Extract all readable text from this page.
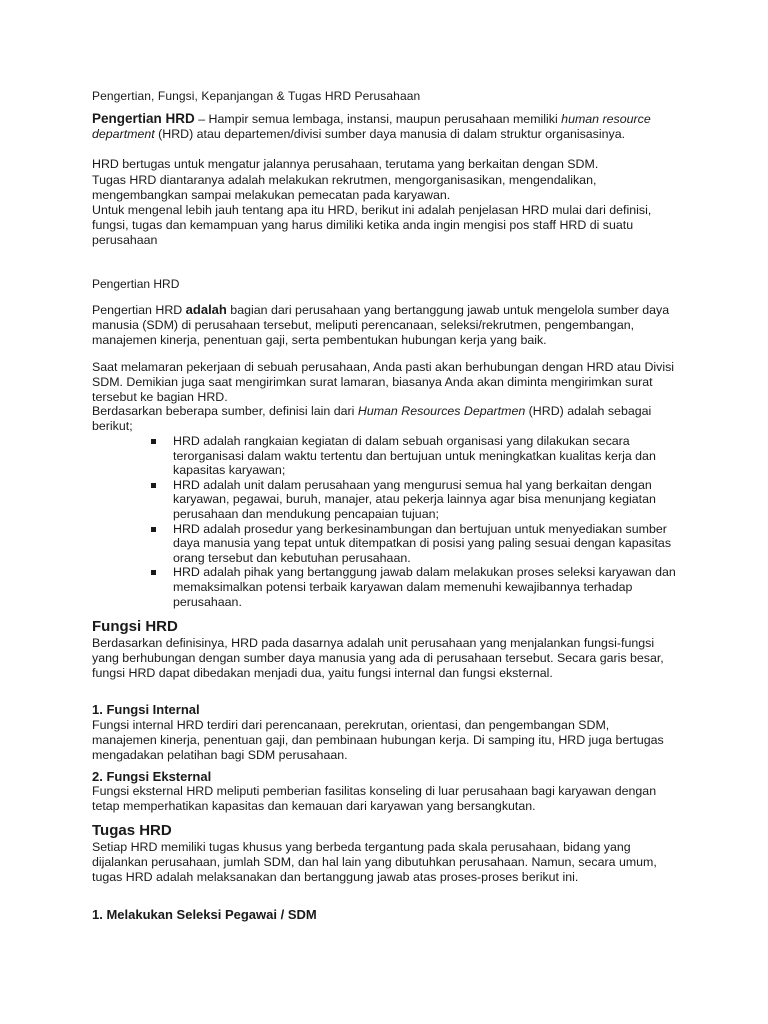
Pengertian, Fungsi, Kepanjangan & Tugas HRD Perusahaan
Pengertian HRD – Hampir semua lembaga, instansi, maupun perusahaan memiliki human resource department (HRD) atau departemen/divisi sumber daya manusia di dalam struktur organisasinya.
HRD bertugas untuk mengatur jalannya perusahaan, terutama yang berkaitan dengan SDM.
Tugas HRD diantaranya adalah melakukan rekrutmen, mengorganisasikan, mengendalikan, mengembangkan sampai melakukan pemecatan pada karyawan.
Untuk mengenal lebih jauh tentang apa itu HRD, berikut ini adalah penjelasan HRD mulai dari definisi, fungsi, tugas dan kemampuan yang harus dimiliki ketika anda ingin mengisi pos staff HRD di suatu perusahaan
Pengertian HRD
Pengertian HRD adalah bagian dari perusahaan yang bertanggung jawab untuk mengelola sumber daya manusia (SDM) di perusahaan tersebut, meliputi perencanaan, seleksi/rekrutmen, pengembangan, manajemen kinerja, penentuan gaji, serta pembentukan hubungan kerja yang baik.
Saat melamaran pekerjaan di sebuah perusahaan, Anda pasti akan berhubungan dengan HRD atau Divisi SDM. Demikian juga saat mengirimkan surat lamaran, biasanya Anda akan diminta mengirimkan surat tersebut ke bagian HRD.
Berdasarkan beberapa sumber, definisi lain dari Human Resources Departmen (HRD) adalah sebagai berikut;
HRD adalah rangkaian kegiatan di dalam sebuah organisasi yang dilakukan secara terorganisasi dalam waktu tertentu dan bertujuan untuk meningkatkan kualitas kerja dan kapasitas karyawan;
HRD adalah unit dalam perusahaan yang mengurusi semua hal yang berkaitan dengan karyawan, pegawai, buruh, manajer, atau pekerja lainnya agar bisa menunjang kegiatan perusahaan dan mendukung pencapaian tujuan;
HRD adalah prosedur yang berkesinambungan dan bertujuan untuk menyediakan sumber daya manusia yang tepat untuk ditempatkan di posisi yang paling sesuai dengan kapasitas orang tersebut dan kebutuhan perusahaan.
HRD adalah pihak yang bertanggung jawab dalam melakukan proses seleksi karyawan dan memaksimalkan potensi terbaik karyawan dalam memenuhi kewajibannya terhadap perusahaan.
Fungsi HRD
Berdasarkan definisinya, HRD pada dasarnya adalah unit perusahaan yang menjalankan fungsi-fungsi yang berhubungan dengan sumber daya manusia yang ada di perusahaan tersebut. Secara garis besar, fungsi HRD dapat dibedakan menjadi dua, yaitu fungsi internal dan fungsi eksternal.
1. Fungsi Internal
Fungsi internal HRD terdiri dari perencanaan, perekrutan, orientasi, dan pengembangan SDM, manajemen kinerja, penentuan gaji, dan pembinaan hubungan kerja. Di samping itu, HRD juga bertugas mengadakan pelatihan bagi SDM perusahaan.
2. Fungsi Eksternal
Fungsi eksternal HRD meliputi pemberian fasilitas konseling di luar perusahaan bagi karyawan dengan tetap memperhatikan kapasitas dan kemauan dari karyawan yang bersangkutan.
Tugas HRD
Setiap HRD memiliki tugas khusus yang berbeda tergantung pada skala perusahaan, bidang yang dijalankan perusahaan, jumlah SDM, dan hal lain yang dibutuhkan perusahaan. Namun, secara umum, tugas HRD adalah melaksanakan dan bertanggung jawab atas proses-proses berikut ini.
1. Melakukan Seleksi Pegawai / SDM
